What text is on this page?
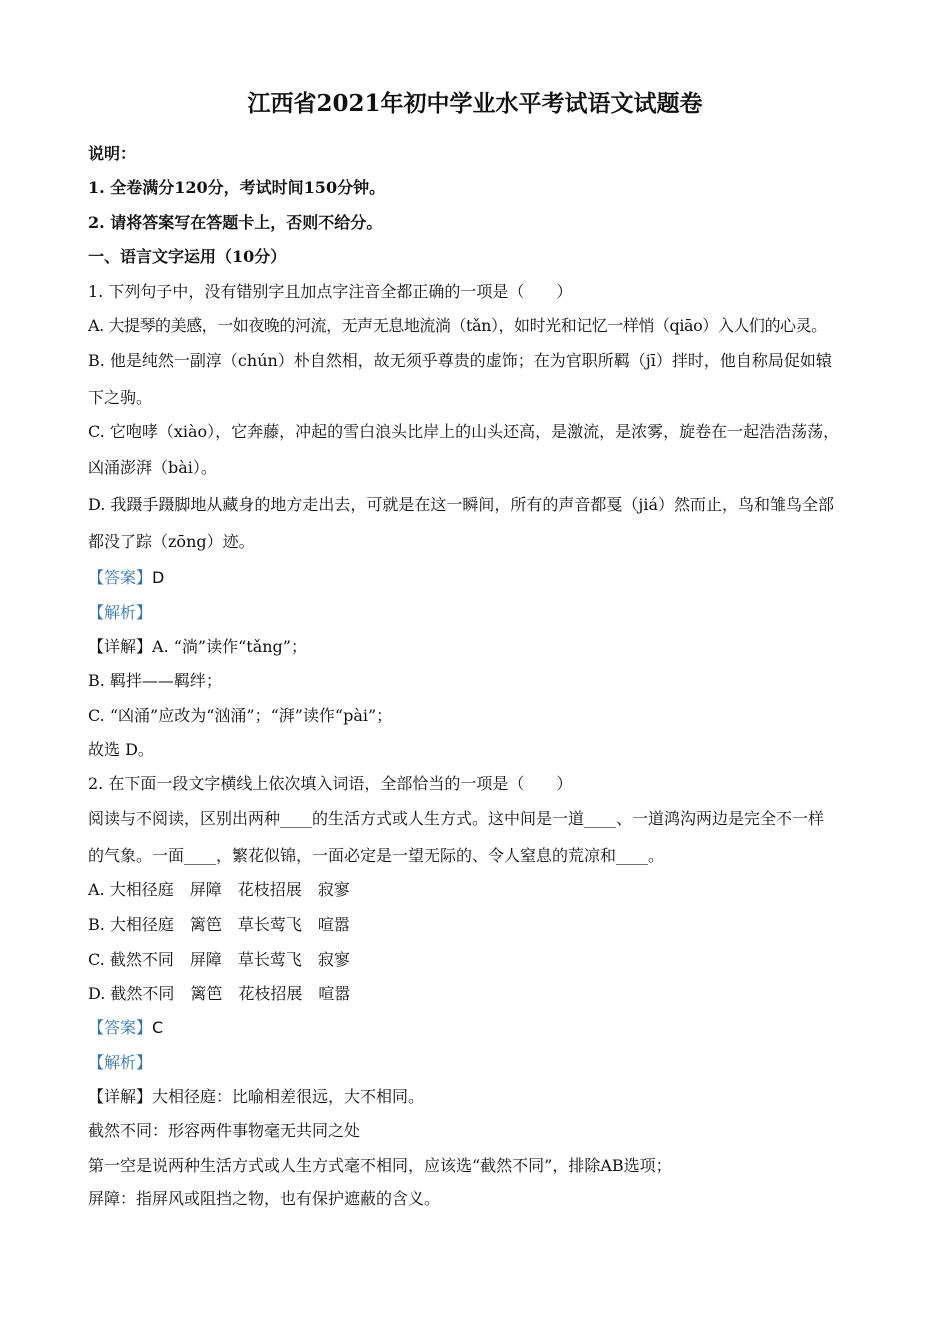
江西省2021年初中学业水平考试语文试题卷
说明：
1. 全卷满分120分，考试时间150分钟。
2. 请将答案写在答题卡上，否则不给分。
一、语言文字运用（10分）
1. 下列句子中，没有错别字且加点字注音全都正确的一项是（　　）
A. 大提琴的美感，一如夜晚的河流，无声无息地流淌（tǎn），如时光和记忆一样悄（qiāo）入人们的心灵。
B. 他是纯然一副淳（chún）朴自然相，故无须乎尊贵的虚饰；在为官职所羁（jī）拌时，他自称局促如辕
下之驹。
C. 它咆哮（xiào），它奔藤，冲起的雪白浪头比岸上的山头还高，是激流，是浓雾，旋卷在一起浩浩荡荡，
凶涌澎湃（bài）。
D. 我蹑手蹑脚地从藏身的地方走出去，可就是在这一瞬间，所有的声音都戛（jiá）然而止，鸟和雏鸟全部
都没了踪（zōng）迹。
【答案】D
【解析】
【详解】A. “淌”读作“tǎng”；
B. 羁拌——羁绊；
C. “凶涌”应改为“汹涌”；“湃”读作“pài”；
故选 D。
2. 在下面一段文字横线上依次填入词语，全部恰当的一项是（　　）
阅读与不阅读，区别出两种____的生活方式或人生方式。这中间是一道____、一道鸿沟两边是完全不一样
的气象。一面____，繁花似锦，一面必定是一望无际的、令人窒息的荒凉和____。
A. 大相径庭　屏障　花枝招展　寂寥
B. 大相径庭　篱笆　草长莺飞　喧嚣
C. 截然不同　屏障　草长莺飞　寂寥
D. 截然不同　篱笆　花枝招展　喧嚣
【答案】C
【解析】
【详解】大相径庭：比喻相差很远，大不相同。
截然不同：形容两件事物毫无共同之处
第一空是说两种生活方式或人生方式毫不相同，应该选“截然不同”，排除AB选项；
屏障：指屏风或阻挡之物，也有保护遮蔽的含义。
